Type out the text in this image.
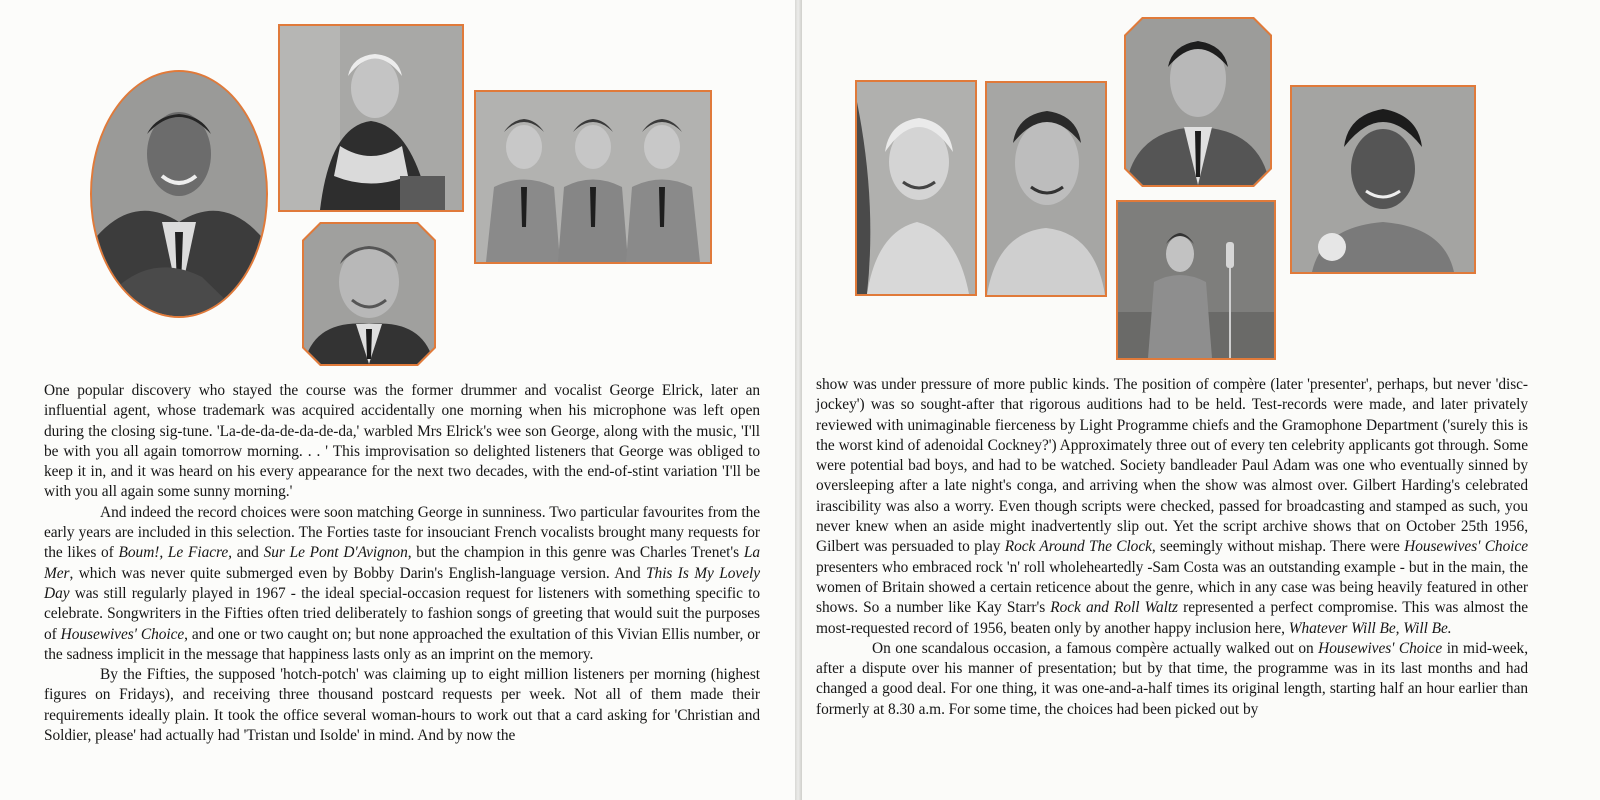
One popular discovery who stayed the course was the former drummer and vocalist George Elrick, later an influential agent, whose trademark was acquired accidentally one morning when his microphone was left open during the closing sig-tune. 'La-de-da-de-da-de-da,' warbled Mrs Elrick's wee son George, along with the music, 'I'll be with you all again tomorrow morning. . . ' This improvisation so delighted listeners that George was obliged to keep it in, and it was heard on his every appearance for the next two decades, with the end-of-stint variation 'I'll be with you all again some sunny morning.'

And indeed the record choices were soon matching George in sunniness. Two particular favourites from the early years are included in this selection. The Forties taste for insouciant French vocalists brought many requests for the likes of Boum!, Le Fiacre, and Sur Le Pont D'Avignon, but the champion in this genre was Charles Trenet's La Mer, which was never quite submerged even by Bobby Darin's English-language version. And This Is My Lovely Day was still regularly played in 1967 - the ideal special-occasion request for listeners with something specific to celebrate. Songwriters in the Fifties often tried deliberately to fashion songs of greeting that would suit the purposes of Housewives' Choice, and one or two caught on; but none approached the exultation of this Vivian Ellis number, or the sadness implicit in the message that happiness lasts only as an imprint on the memory.

By the Fifties, the supposed 'hotch-potch' was claiming up to eight million listeners per morning (highest figures on Fridays), and receiving three thousand postcard requests per week. Not all of them made their requirements ideally plain. It took the office several woman-hours to work out that a card asking for 'Christian and Soldier, please' had actually had 'Tristan und Isolde' in mind. And by now the

show was under pressure of more public kinds. The position of compère (later 'presenter', perhaps, but never 'disc-jockey') was so sought-after that rigorous auditions had to be held. Test-records were made, and later privately reviewed with unimaginable fierceness by Light Programme chiefs and the Gramophone Department ('surely this is the worst kind of adenoidal Cockney?') Approximately three out of every ten celebrity applicants got through. Some were potential bad boys, and had to be watched. Society bandleader Paul Adam was one who eventually sinned by oversleeping after a late night's conga, and arriving when the show was almost over. Gilbert Harding's celebrated irascibility was also a worry. Even though scripts were checked, passed for broadcasting and stamped as such, you never knew when an aside might inadvertently slip out. Yet the script archive shows that on October 25th 1956, Gilbert was persuaded to play Rock Around The Clock, seemingly without mishap. There were Housewives' Choice presenters who embraced rock 'n' roll wholeheartedly -Sam Costa was an outstanding example - but in the main, the women of Britain showed a certain reticence about the genre, which in any case was being heavily featured in other shows. So a number like Kay Starr's Rock and Roll Waltz represented a perfect compromise. This was almost the most-requested record of 1956, beaten only by another happy inclusion here, Whatever Will Be, Will Be.

On one scandalous occasion, a famous compère actually walked out on Housewives' Choice in mid-week, after a dispute over his manner of presentation; but by that time, the programme was in its last months and had changed a good deal. For one thing, it was one-and-a-half times its original length, starting half an hour earlier than formerly at 8.30 a.m. For some time, the choices had been picked out by
